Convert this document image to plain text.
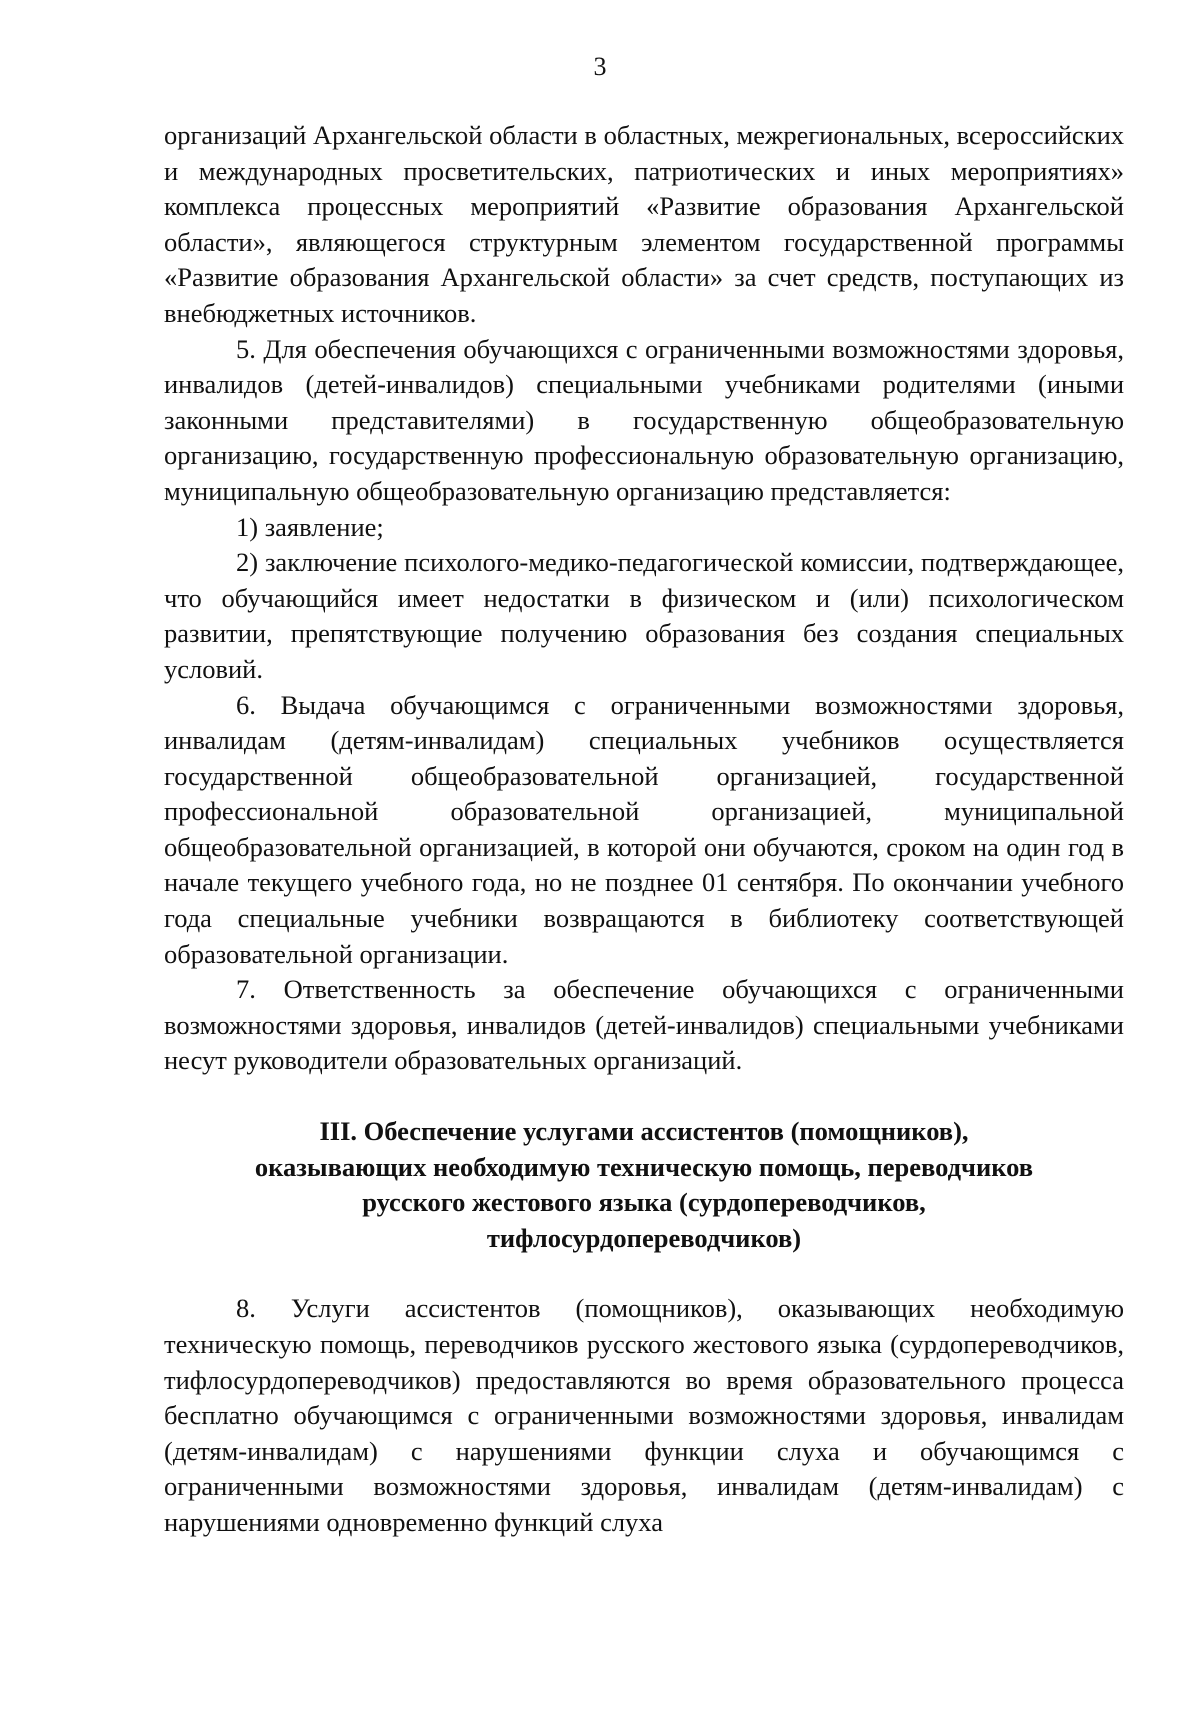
3

организаций Архангельской области в областных, межрегиональных, всероссийских и международных просветительских, патриотических и иных мероприятиях» комплекса процессных мероприятий «Развитие образования Архангельской области», являющегося структурным элементом государственной программы «Развитие образования Архангельской области» за счет средств, поступающих из внебюджетных источников.

5. Для обеспечения обучающихся с ограниченными возможностями здоровья, инвалидов (детей-инвалидов) специальными учебниками родителями (иными законными представителями) в государственную общеобразовательную организацию, государственную профессиональную образовательную организацию, муниципальную общеобразовательную организацию представляется:

1) заявление;

2) заключение психолого-медико-педагогической комиссии, подтверждающее, что обучающийся имеет недостатки в физическом и (или) психологическом развитии, препятствующие получению образования без создания специальных условий.

6. Выдача обучающимся с ограниченными возможностями здоровья, инвалидам (детям-инвалидам) специальных учебников осуществляется государственной общеобразовательной организацией, государственной профессиональной образовательной организацией, муниципальной общеобразовательной организацией, в которой они обучаются, сроком на один год в начале текущего учебного года, но не позднее 01 сентября. По окончании учебного года специальные учебники возвращаются в библиотеку соответствующей образовательной организации.

7. Ответственность за обеспечение обучающихся с ограниченными возможностями здоровья, инвалидов (детей-инвалидов) специальными учебниками несут руководители образовательных организаций.

III. Обеспечение услугами ассистентов (помощников),
оказывающих необходимую техническую помощь, переводчиков
русского жестового языка (сурдопереводчиков,
тифлосурдопереводчиков)

8. Услуги ассистентов (помощников), оказывающих необходимую техническую помощь, переводчиков русского жестового языка (сурдопереводчиков, тифлосурдопереводчиков) предоставляются во время образовательного процесса бесплатно обучающимся с ограниченными возможностями здоровья, инвалидам (детям-инвалидам) с нарушениями функции слуха и обучающимся с ограниченными возможностями здоровья, инвалидам (детям-инвалидам) с нарушениями одновременно функций слуха
